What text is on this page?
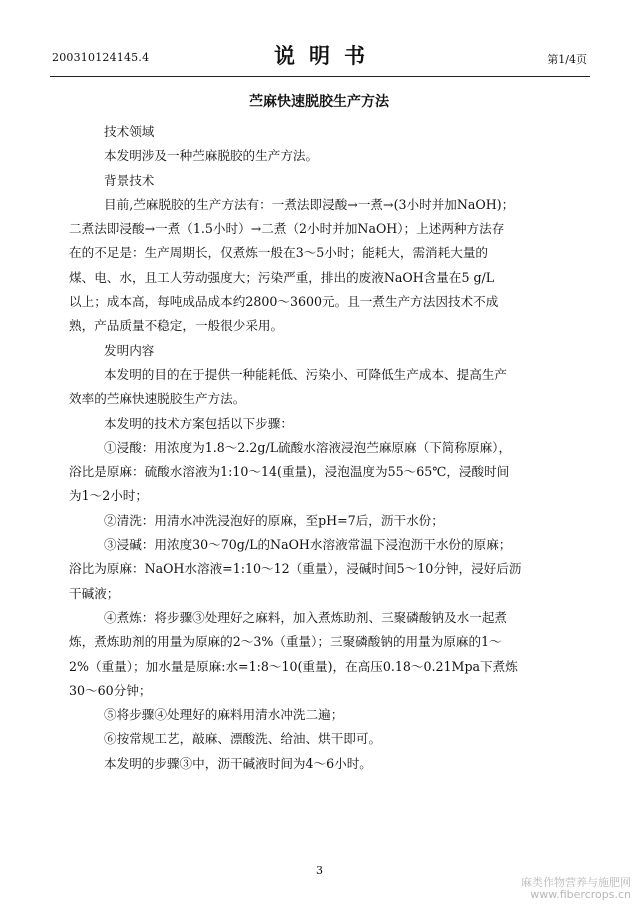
200310124145.4	说明书	第1/4页
苎麻快速脱胶生产方法
技术领域
本发明涉及一种苎麻脱胶的生产方法。
背景技术
目前,苎麻脱胶的生产方法有：一煮法即浸酸→一煮→(3小时并加NaOH)；
二煮法即浸酸→一煮（1.5小时）→二煮（2小时并加NaOH）；上述两种方法存
在的不足是：生产周期长，仅煮炼一般在3～5小时；能耗大，需消耗大量的
煤、电、水，且工人劳动强度大；污染严重，排出的废液NaOH含量在5 g/L
以上；成本高，每吨成品成本约2800～3600元。且一煮生产方法因技术不成
熟，产品质量不稳定，一般很少采用。
发明内容
本发明的目的在于提供一种能耗低、污染小、可降低生产成本、提高生产
效率的苎麻快速脱胶生产方法。
本发明的技术方案包括以下步骤：
①浸酸：用浓度为1.8～2.2g/L硫酸水溶液浸泡苎麻原麻（下简称原麻），
浴比是原麻：硫酸水溶液为1:10～14(重量)，浸泡温度为55～65℃，浸酸时间
为1～2小时；
②清洗：用清水冲洗浸泡好的原麻，至pH=7后，沥干水份；
③浸碱：用浓度30～70g/L的NaOH水溶液常温下浸泡沥干水份的原麻；
浴比为原麻：NaOH水溶液=1:10～12（重量），浸碱时间5～10分钟，浸好后沥
干碱液；
④煮炼：将步骤③处理好之麻料，加入煮炼助剂、三聚磷酸钠及水一起煮
炼，煮炼助剂的用量为原麻的2～3%（重量）；三聚磷酸钠的用量为原麻的1～
2%（重量）；加水量是原麻:水=1:8～10(重量)，在高压0.18～0.21Mpa下煮炼
30～60分钟；
⑤将步骤④处理好的麻料用清水冲洗二遍；
⑥按常规工艺，敲麻、漂酸洗、给油、烘干即可。
本发明的步骤③中，沥干碱液时间为4～6小时。
3
麻类作物营养与施肥网
www.fibercrops.cn
